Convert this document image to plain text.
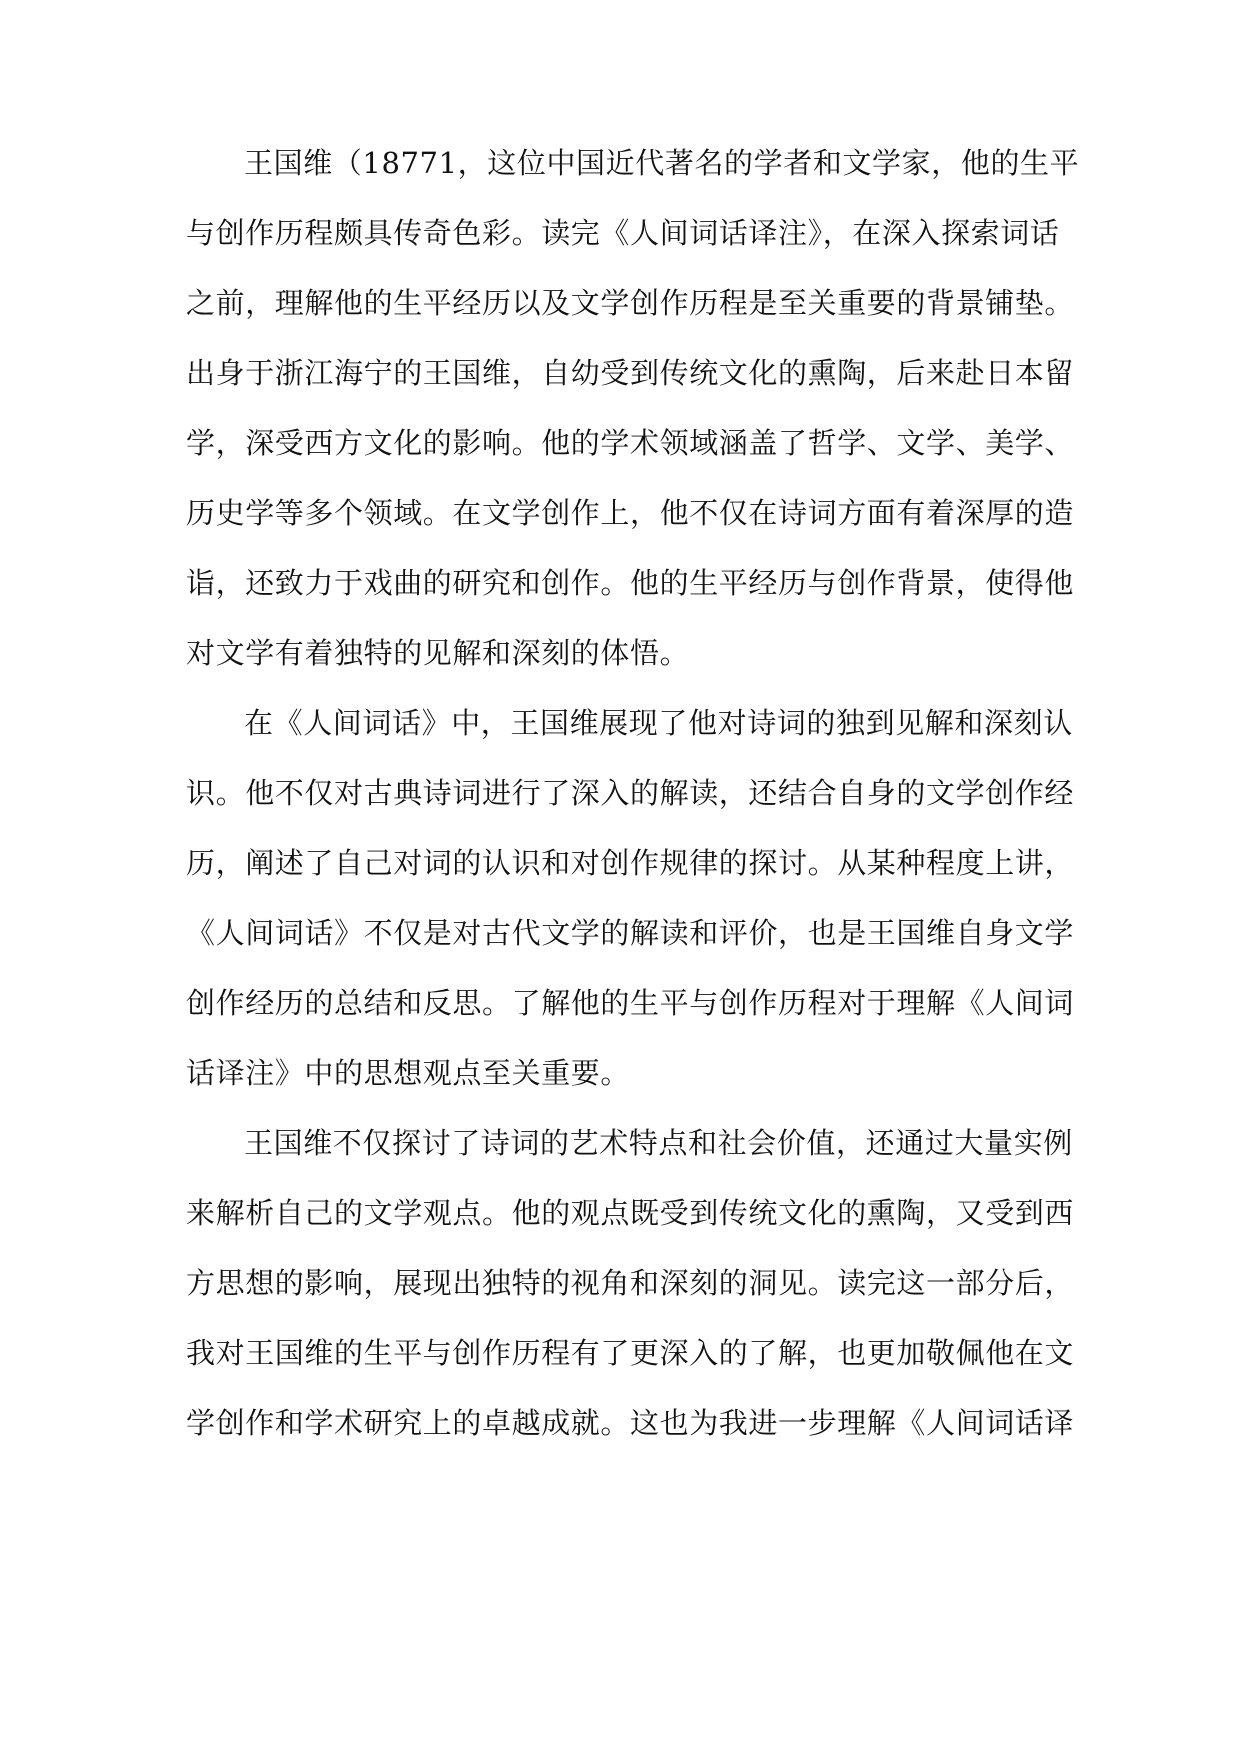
王国维（18771，这位中国近代著名的学者和文学家，他的生平
与创作历程颇具传奇色彩。读完《人间词话译注》，在深入探索词话
之前，理解他的生平经历以及文学创作历程是至关重要的背景铺垫。
出身于浙江海宁的王国维，自幼受到传统文化的熏陶，后来赴日本留
学，深受西方文化的影响。他的学术领域涵盖了哲学、文学、美学、
历史学等多个领域。在文学创作上，他不仅在诗词方面有着深厚的造
诣，还致力于戏曲的研究和创作。他的生平经历与创作背景，使得他
对文学有着独特的见解和深刻的体悟。
在《人间词话》中，王国维展现了他对诗词的独到见解和深刻认
识。他不仅对古典诗词进行了深入的解读，还结合自身的文学创作经
历，阐述了自己对词的认识和对创作规律的探讨。从某种程度上讲，
《人间词话》不仅是对古代文学的解读和评价，也是王国维自身文学
创作经历的总结和反思。了解他的生平与创作历程对于理解《人间词
话译注》中的思想观点至关重要。
王国维不仅探讨了诗词的艺术特点和社会价值，还通过大量实例
来解析自己的文学观点。他的观点既受到传统文化的熏陶，又受到西
方思想的影响，展现出独特的视角和深刻的洞见。读完这一部分后，
我对王国维的生平与创作历程有了更深入的了解，也更加敬佩他在文
学创作和学术研究上的卓越成就。这也为我进一步理解《人间词话译
